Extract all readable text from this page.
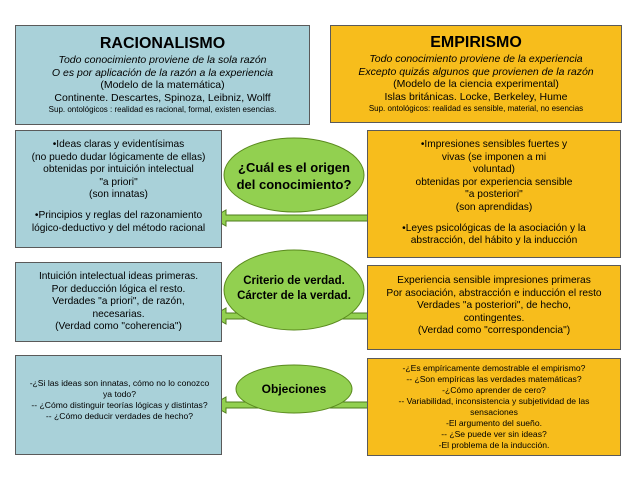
¿Cuál es el origen
del conocimiento?
Criterio de verdad.
Cárcter de la verdad.
Objeciones
RACIONALISMO
Todo conocimiento proviene de la sola razón
O es por aplicación de la razón a la experiencia
(Modelo de la matemática)
Continente. Descartes, Spinoza, Leibniz, Wolff
Sup. ontológicos : realidad es racional, formal, existen esencias.
EMPIRISMO
Todo conocimiento proviene de la experiencia
Excepto quizás algunos que provienen de la razón
(Modelo de la ciencia experimental)
Islas británicas. Locke, Berkeley, Hume
Sup. ontológicos: realidad es sensible, material, no esencias
•Ideas claras y evidentísimas
(no puedo dudar lógicamente de ellas)
obtenidas por intuición intelectual
"a priori"
(son innatas)
•Principios y reglas del razonamiento
lógico-deductivo y del método racional
•Impresiones sensibles fuertes y
vivas (se imponen a mi
voluntad)
obtenidas por experiencia sensible
"a posteriori"
(son aprendidas)
•Leyes psicológicas de la asociación y la
abstracción, del hábito y la inducción
Intuición intelectual ideas primeras.
Por deducción lógica el resto.
Verdades "a priori", de razón,
necesarias.
(Verdad como "coherencia")
Experiencia sensible impresiones primeras
Por asociación, abstracción e inducción el resto
Verdades "a posteriori", de hecho,
contingentes.
(Verdad como "correspondencia")
-¿Si las ideas son innatas, cómo no lo conozco
ya todo?
-- ¿Cómo distinguir teorías lógicas y distintas?
-- ¿Cómo deducir verdades de hecho?
-¿Es empíricamente demostrable el empirismo?
-- ¿Son empíricas las verdades matemáticas?
-¿Cómo aprender de cero?
-- Variabilidad, inconsistencia y subjetividad de las
sensaciones
-El argumento del sueño.
-- ¿Se puede ver sin ideas?
-El problema de la inducción.
